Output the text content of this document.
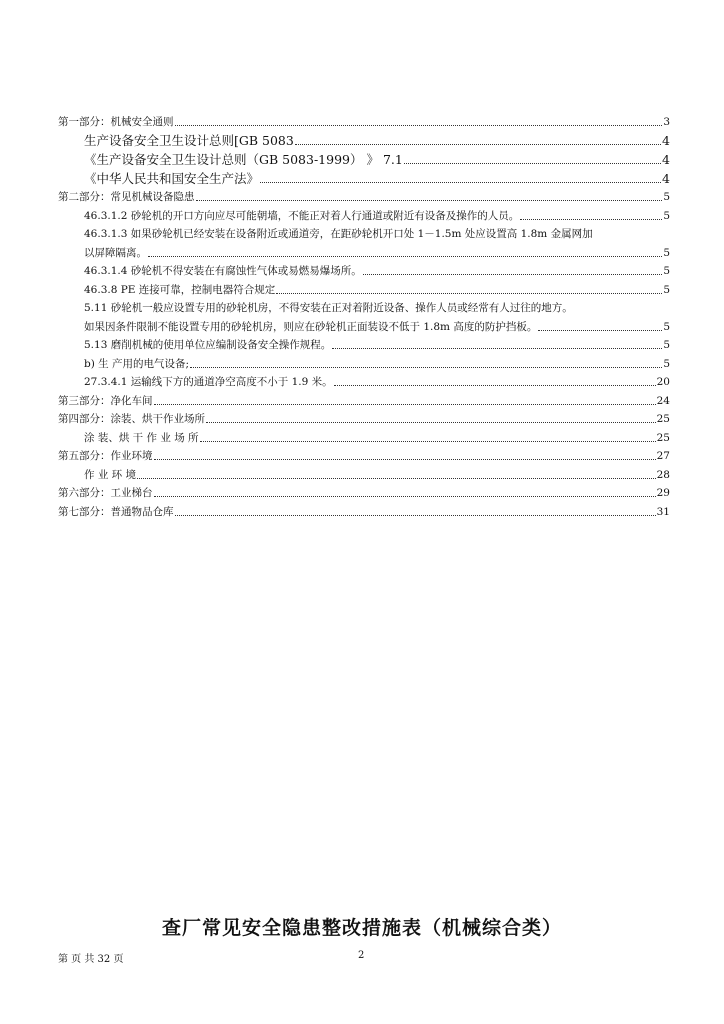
第一部分：机械安全通则	3
生产设备安全卫生设计总则[GB 5083	4
《生产设备安全卫生设计总则（GB 5083-1999） 》 7.1	4
《中华人民共和国安全生产法》	4
第二部分：常见机械设备隐患	5
46.3.1.2 砂轮机的开口方向应尽可能朝墙，不能正对着人行通道或附近有设备及操作的人员。	5
46.3.1.3 如果砂轮机已经安装在设备附近或通道旁，在距砂轮机开口处 1－1.5m 处应设置高 1.8m 金属网加
以屏障隔离。	5
46.3.1.4 砂轮机不得安装在有腐蚀性气体或易燃易爆场所。	5
46.3.8 PE 连接可靠，控制电器符合规定	5
5.11 砂轮机一般应设置专用的砂轮机房，不得安装在正对着附近设备、操作人员或经常有人过往的地方。
如果因条件限制不能设置专用的砂轮机房，则应在砂轮机正面装设不低于 1.8m 高度的防护挡板。	5
5.13 磨削机械的使用单位应编制设备安全操作规程。	5
b) 生 产用的电气设备;	5
27.3.4.1 运输线下方的通道净空高度不小于 1.9 米。	20
第三部分：净化车间	24
第四部分：涂装、烘干作业场所	25
涂 装、烘 干 作 业 场 所	25
第五部分：作业环境	27
作 业 环 境	28
第六部分：工业梯台	29
第七部分：普通物品仓库	31
查厂常见安全隐患整改措施表（机械综合类）
第 页 共 32 页	2
